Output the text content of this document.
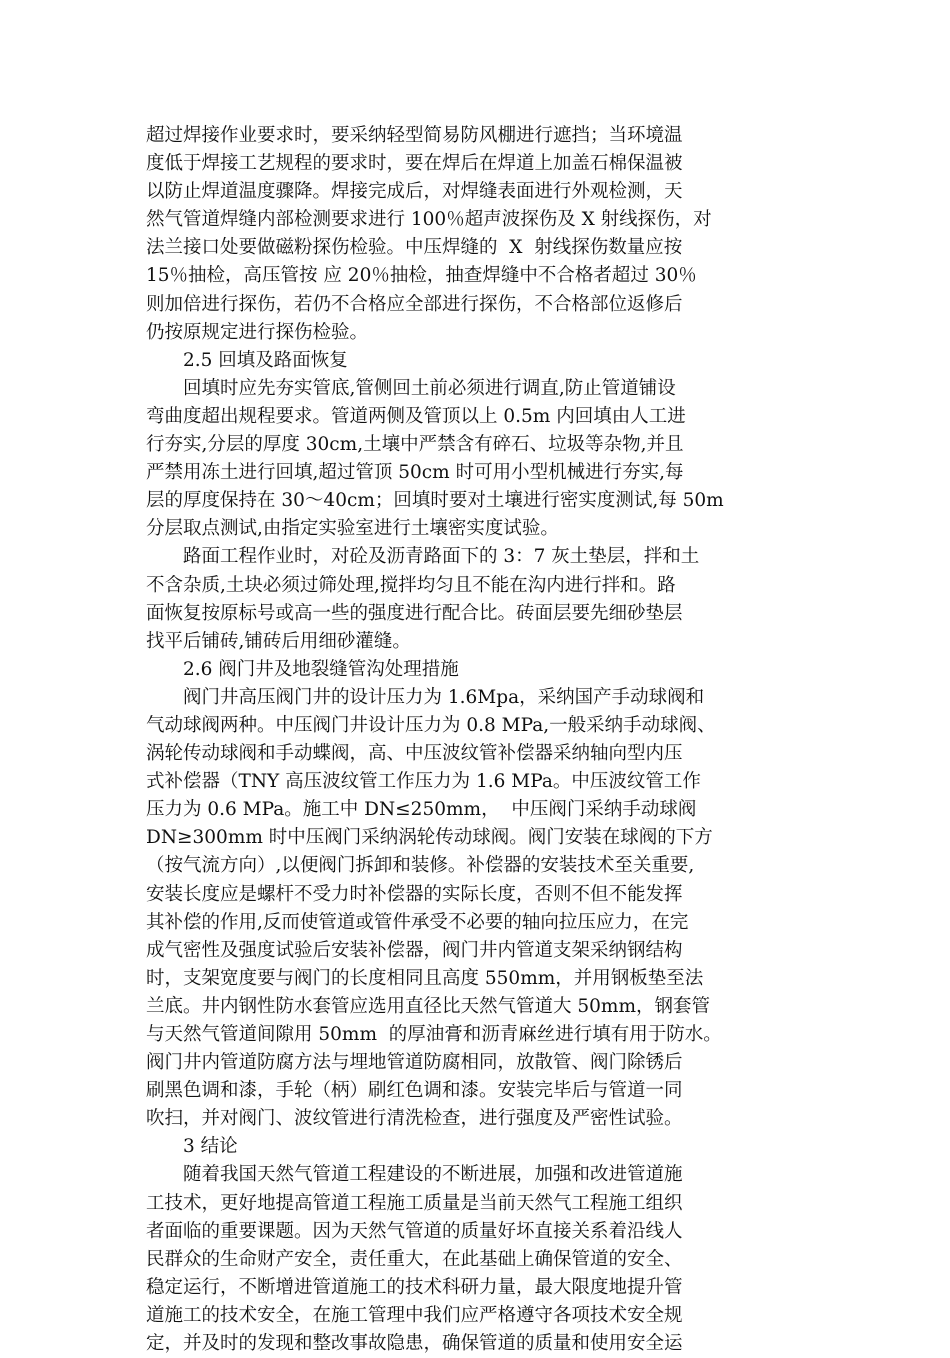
超过焊接作业要求时，要采纳轻型简易防风棚进行遮挡；当环境温
度低于焊接工艺规程的要求时，要在焊后在焊道上加盖石棉保温被
以防止焊道温度骤降。焊接完成后，对焊缝表面进行外观检测，天
然气管道焊缝内部检测要求进行 100％超声波探伤及 X 射线探伤，对
法兰接口处要做磁粉探伤检验。中压焊缝的  X  射线探伤数量应按
15％抽检，高压管按 应 20％抽检，抽查焊缝中不合格者超过 30％
则加倍进行探伤，若仍不合格应全部进行探伤，不合格部位返修后
仍按原规定进行探伤检验。
　　2.5 回填及路面恢复
　　回填时应先夯实管底,管侧回土前必须进行调直,防止管道铺设
弯曲度超出规程要求。管道两侧及管顶以上 0.5m 内回填由人工进
行夯实,分层的厚度 30cm,土壤中严禁含有碎石、垃圾等杂物,并且
严禁用冻土进行回填,超过管顶 50cm 时可用小型机械进行夯实,每
层的厚度保持在 30～40cm；回填时要对土壤进行密实度测试,每 50m
分层取点测试,由指定实验室进行土壤密实度试验。
　　路面工程作业时，对砼及沥青路面下的 3：7 灰土垫层，拌和土
不含杂质,土块必须过筛处理,搅拌均匀且不能在沟内进行拌和。路
面恢复按原标号或高一些的强度进行配合比。砖面层要先细砂垫层
找平后铺砖,铺砖后用细砂灌缝。
　　2.6 阀门井及地裂缝管沟处理措施
　　阀门井高压阀门井的设计压力为 1.6Mpa，采纳国产手动球阀和
气动球阀两种。中压阀门井设计压力为 0.8 MPa,一般采纳手动球阀、
涡轮传动球阀和手动蝶阀，高、中压波纹管补偿器采纳轴向型内压
式补偿器（TNY 高压波纹管工作压力为 1.6 MPa。中压波纹管工作
压力为 0.6 MPa。施工中 DN≤250mm，  中压阀门采纳手动球阀
DN≥300mm 时中压阀门采纳涡轮传动球阀。阀门安装在球阀的下方
（按气流方向）,以便阀门拆卸和装修。补偿器的安装技术至关重要,
安装长度应是螺杆不受力时补偿器的实际长度，否则不但不能发挥
其补偿的作用,反而使管道或管件承受不必要的轴向拉压应力，在完
成气密性及强度试验后安装补偿器，阀门井内管道支架采纳钢结构
时，支架宽度要与阀门的长度相同且高度 550mm，并用钢板垫至法
兰底。井内钢性防水套管应选用直径比天然气管道大 50mm，钢套管
与天然气管道间隙用 50mm  的厚油膏和沥青麻丝进行填有用于防水。
阀门井内管道防腐方法与埋地管道防腐相同，放散管、阀门除锈后
刷黑色调和漆，手轮（柄）刷红色调和漆。安装完毕后与管道一同
吹扫，并对阀门、波纹管进行清洗检查，进行强度及严密性试验。
　　3 结论
　　随着我国天然气管道工程建设的不断进展，加强和改进管道施
工技术，更好地提高管道工程施工质量是当前天然气工程施工组织
者面临的重要课题。因为天然气管道的质量好坏直接关系着沿线人
民群众的生命财产安全，责任重大，在此基础上确保管道的安全、
稳定运行，不断增进管道施工的技术科研力量，最大限度地提升管
道施工的技术安全，在施工管理中我们应严格遵守各项技术安全规
定，并及时的发现和整改事故隐患，确保管道的质量和使用安全运
